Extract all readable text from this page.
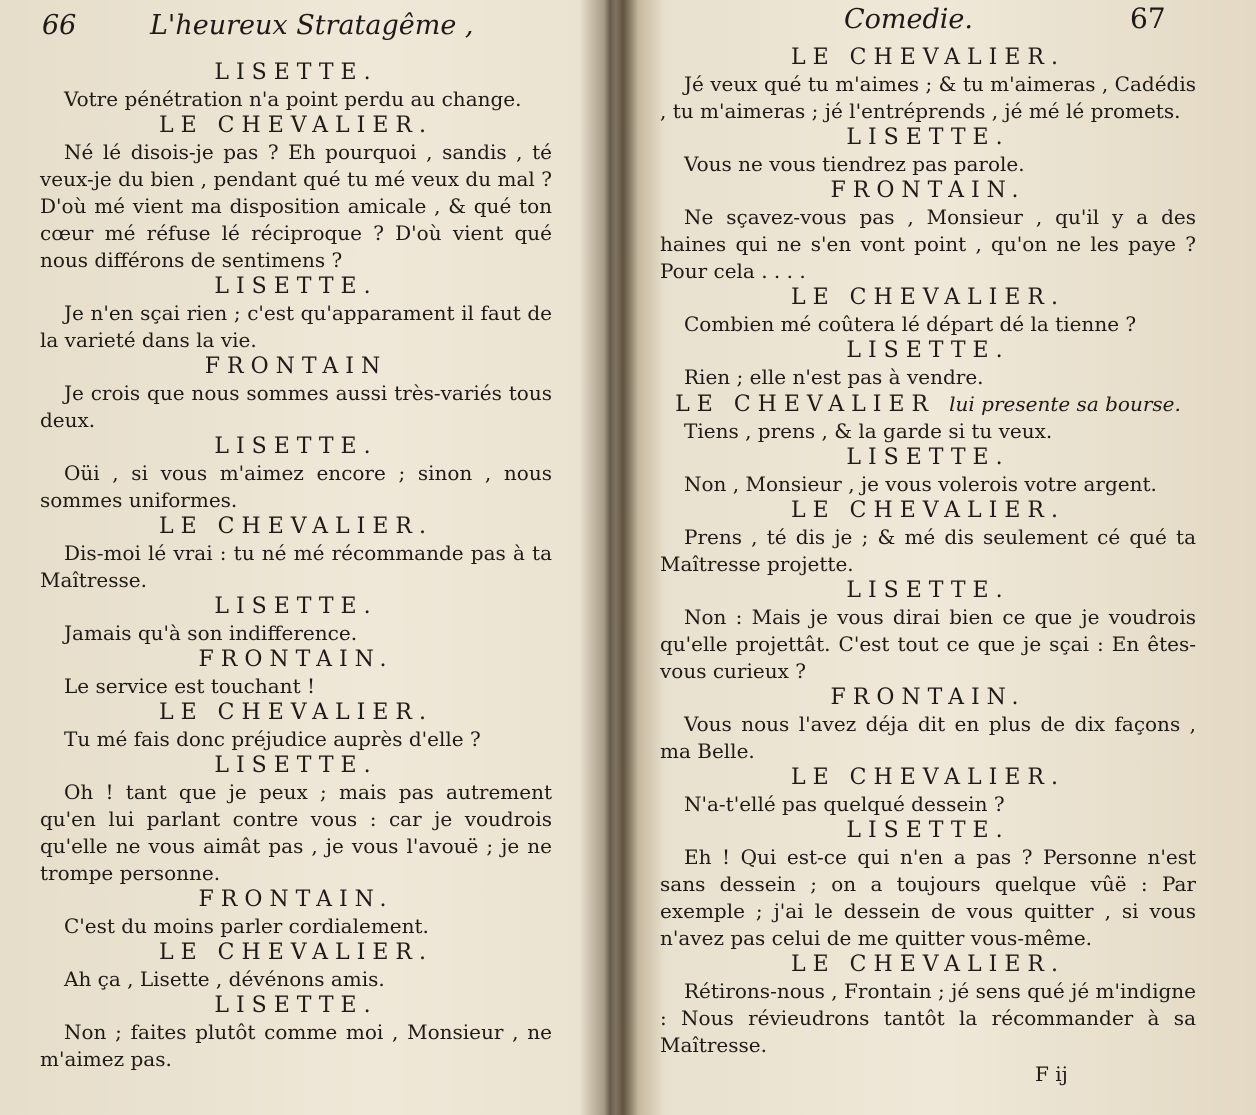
66	L'heureux Stratagême ,

LISETTE.

Votre pénétration n'a point perdu au change.

LE CHEVALIER.

Né lé disois-je pas ? Eh pourquoi , sandis , té veux-je du bien , pendant qué tu mé veux du mal ? D'où mé vient ma disposition amicale , & qué ton cœur mé réfuse lé réciproque ? D'où vient qué nous différons de sentimens ?

LISETTE.

Je n'en sçai rien ; c'est qu'apparament il faut de la varieté dans la vie.

FRONTAIN

Je crois que nous sommes aussi très-variés tous deux.

LISETTE.

Oüi , si vous m'aimez encore ; sinon , nous sommes uniformes.

LE CHEVALIER.

Dis-moi lé vrai : tu né mé récommande pas à ta Maîtresse.

LISETTE.

Jamais qu'à son indifference.

FRONTAIN.

Le service est touchant !

LE CHEVALIER.

Tu mé fais donc préjudice auprès d'elle ?

LISETTE.

Oh ! tant que je peux ; mais pas autrement qu'en lui parlant contre vous : car je voudrois qu'elle ne vous aimât pas , je vous l'avouë ; je ne trompe personne.

FRONTAIN.

C'est du moins parler cordialement.

LE CHEVALIER.

Ah ça , Lisette , dévénons amis.

LISETTE.

Non ; faites plutôt comme moi , Monsieur , ne m'aimez pas.

Comedie.	67

LE CHEVALIER.

Jé veux qué tu m'aimes ; & tu m'aimeras , Cadédis , tu m'aimeras ; jé l'entréprends , jé mé lé promets.

LISETTE.

Vous ne vous tiendrez pas parole.

FRONTAIN.

Ne sçavez-vous pas , Monsieur , qu'il y a des haines qui ne s'en vont point , qu'on ne les paye ? Pour cela . . . .

LE CHEVALIER.

Combien mé coûtera lé départ dé la tienne ?

LISETTE.

Rien ; elle n'est pas à vendre.

LE CHEVALIER lui presente sa bourse.

Tiens , prens , & la garde si tu veux.

LISETTE.

Non , Monsieur , je vous volerois votre argent.

LE CHEVALIER.

Prens , té dis je ; & mé dis seulement cé qué ta Maîtresse projette.

LISETTE.

Non : Mais je vous dirai bien ce que je voudrois qu'elle projettât. C'est tout ce que je sçai : En êtes-vous curieux ?

FRONTAIN.

Vous nous l'avez déja dit en plus de dix façons , ma Belle.

LE CHEVALIER.

N'a-t'ellé pas quelqué dessein ?

LISETTE.

Eh ! Qui est-ce qui n'en a pas ? Personne n'est sans dessein ; on a toujours quelque vûë : Par exemple ; j'ai le dessein de vous quitter , si vous n'avez pas celui de me quitter vous-même.

LE CHEVALIER.

Rétirons-nous , Frontain ; jé sens qué jé m'indigne : Nous révieudrons tantôt la récommander à sa Maîtresse.

F ij
